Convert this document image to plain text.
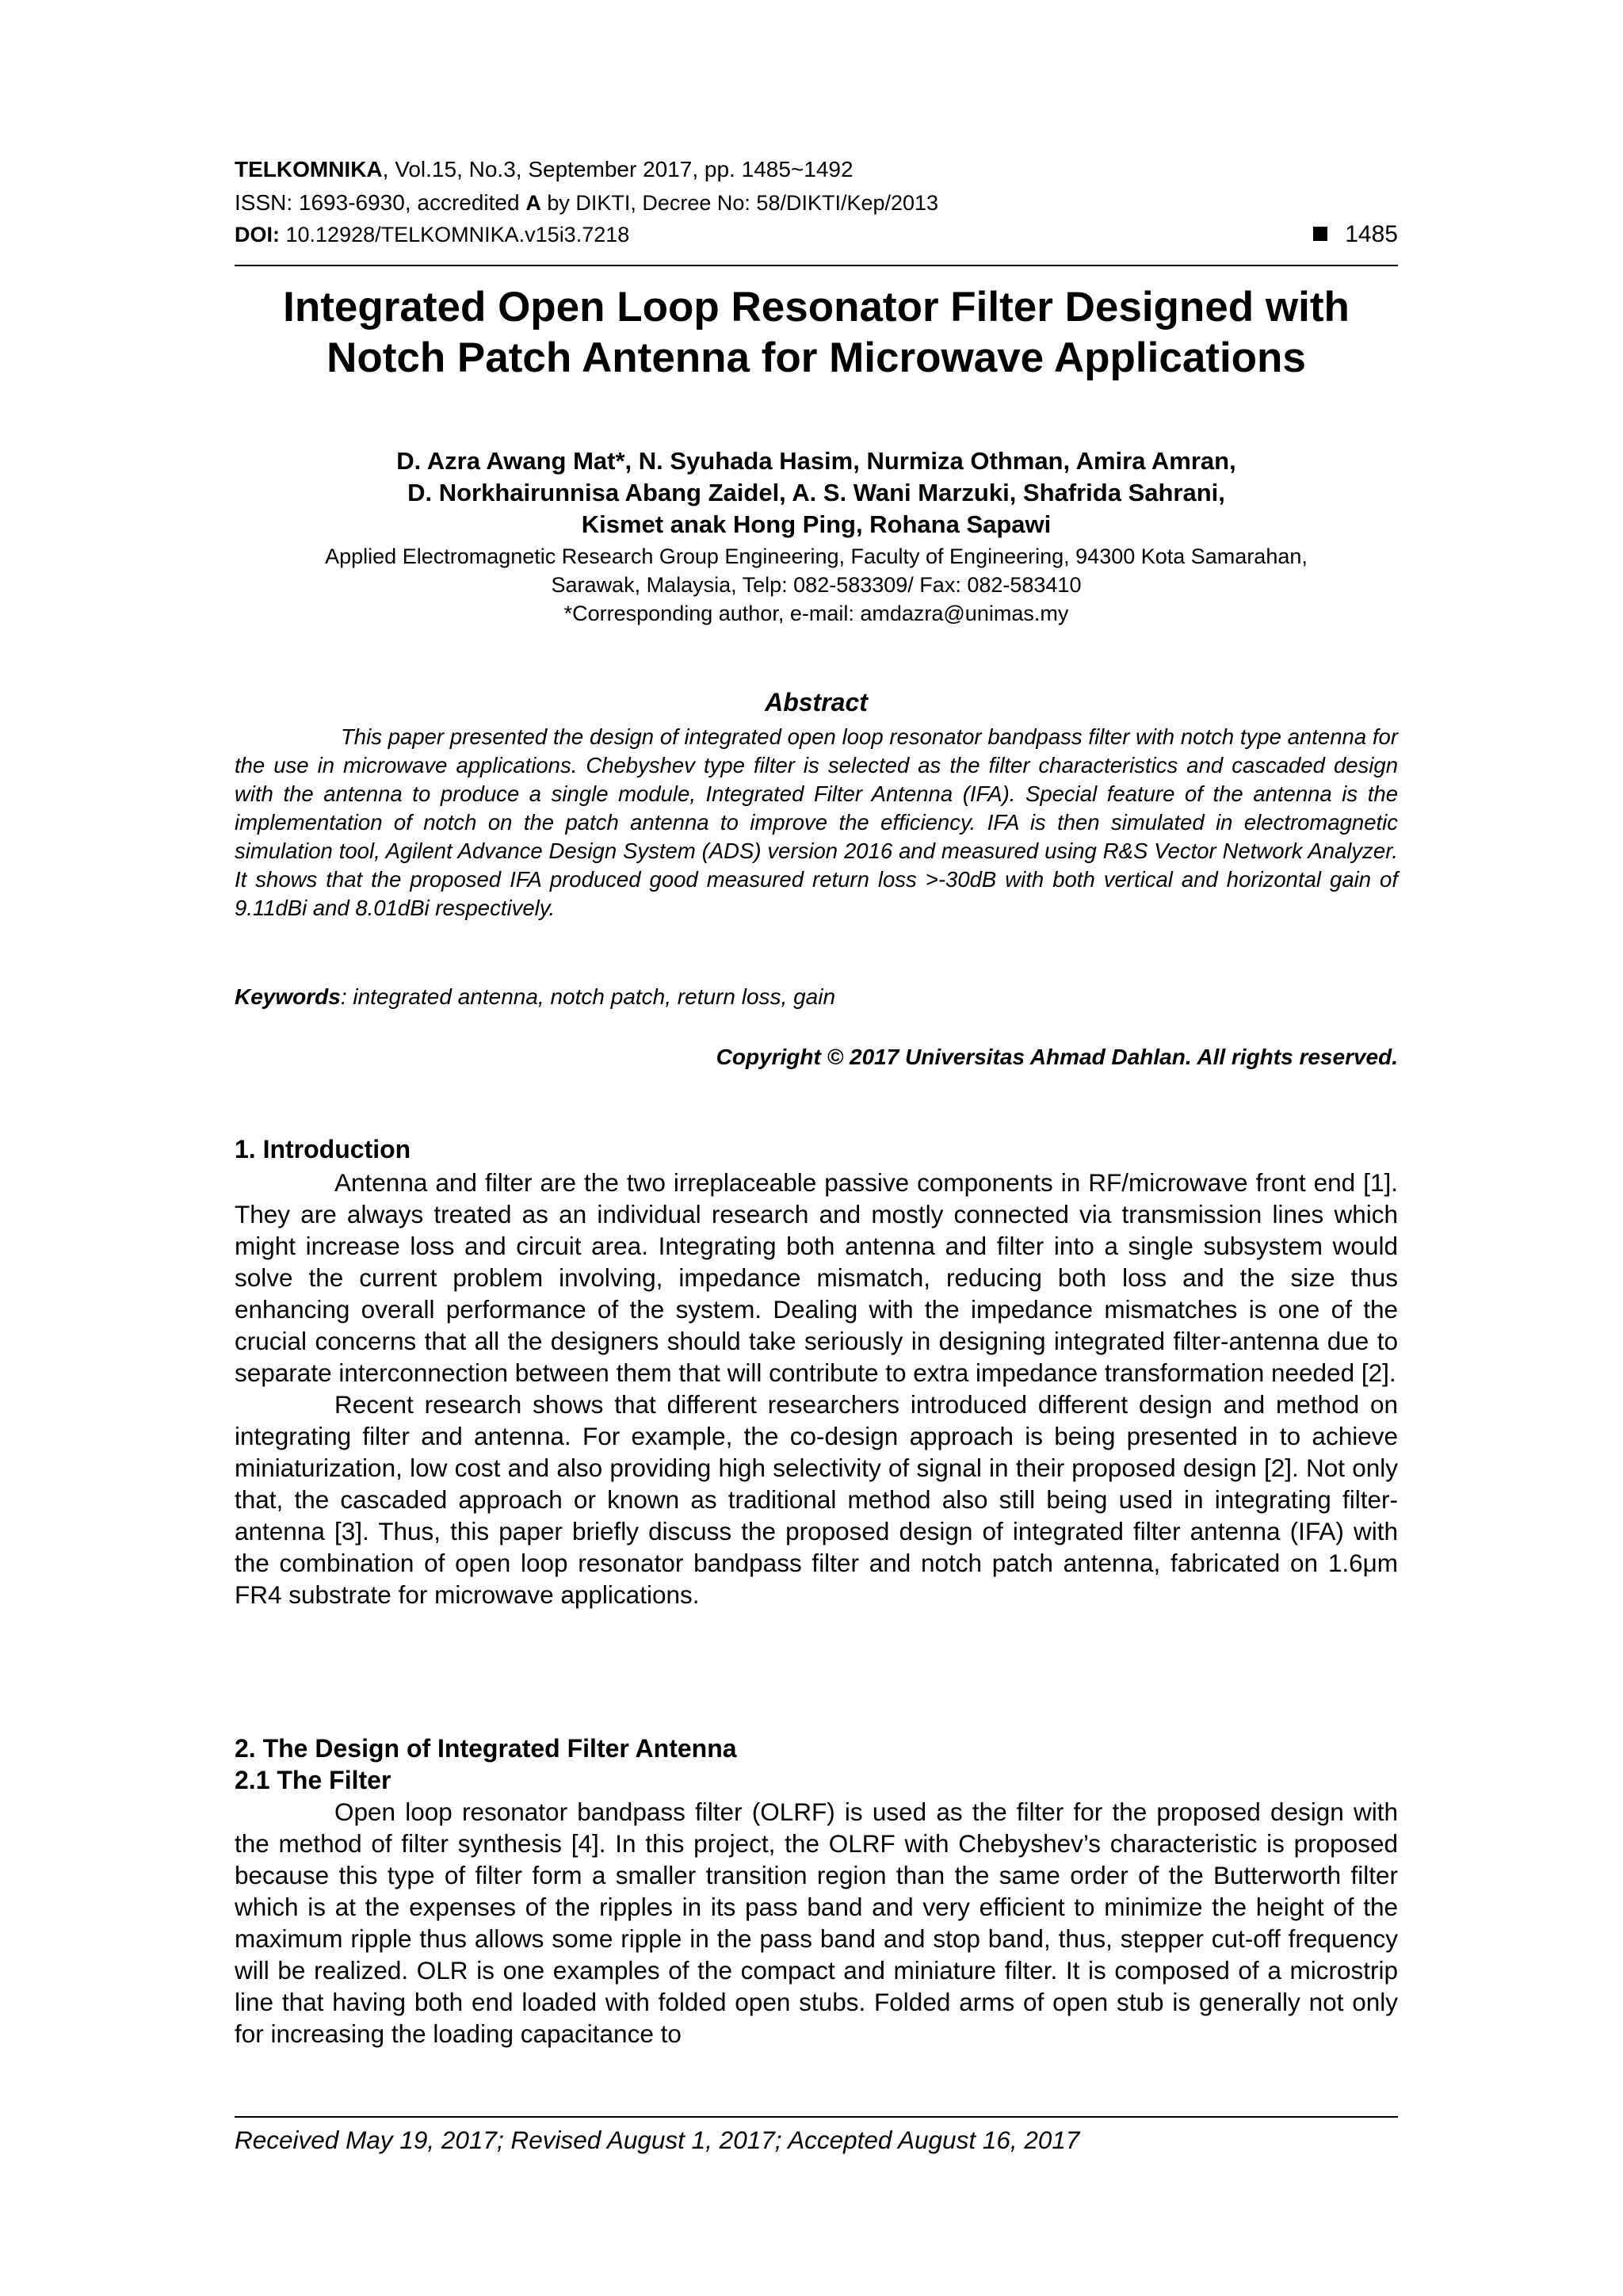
TELKOMNIKA, Vol.15, No.3, September 2017, pp. 1485~1492
ISSN: 1693-6930, accredited A by DIKTI, Decree No: 58/DIKTI/Kep/2013
DOI: 10.12928/TELKOMNIKA.v15i3.7218	1485
Integrated Open Loop Resonator Filter Designed with
Notch Patch Antenna for Microwave Applications
D. Azra Awang Mat*, N. Syuhada Hasim, Nurmiza Othman, Amira Amran,
D. Norkhairunnisa Abang Zaidel, A. S. Wani Marzuki, Shafrida Sahrani,
Kismet anak Hong Ping, Rohana Sapawi
Applied Electromagnetic Research Group Engineering, Faculty of Engineering, 94300 Kota Samarahan,
Sarawak, Malaysia, Telp: 082-583309/ Fax: 082-583410
*Corresponding author, e-mail: amdazra@unimas.my
Abstract
This paper presented the design of integrated open loop resonator bandpass filter with notch type antenna for the use in microwave applications. Chebyshev type filter is selected as the filter characteristics and cascaded design with the antenna to produce a single module, Integrated Filter Antenna (IFA). Special feature of the antenna is the implementation of notch on the patch antenna to improve the efficiency. IFA is then simulated in electromagnetic simulation tool, Agilent Advance Design System (ADS) version 2016 and measured using R&S Vector Network Analyzer. It shows that the proposed IFA produced good measured return loss >-30dB with both vertical and horizontal gain of 9.11dBi and 8.01dBi respectively.
Keywords: integrated antenna, notch patch, return loss, gain
Copyright © 2017 Universitas Ahmad Dahlan. All rights reserved.
1. Introduction

Antenna and filter are the two irreplaceable passive components in RF/microwave front end [1]. They are always treated as an individual research and mostly connected via transmission lines which might increase loss and circuit area. Integrating both antenna and filter into a single subsystem would solve the current problem involving, impedance mismatch, reducing both loss and the size thus enhancing overall performance of the system. Dealing with the impedance mismatches is one of the crucial concerns that all the designers should take seriously in designing integrated filter-antenna due to separate interconnection between them that will contribute to extra impedance transformation needed [2].

Recent research shows that different researchers introduced different design and method on integrating filter and antenna. For example, the co-design approach is being presented in to achieve miniaturization, low cost and also providing high selectivity of signal in their proposed design [2]. Not only that, the cascaded approach or known as traditional method also still being used in integrating filter-antenna [3]. Thus, this paper briefly discuss the proposed design of integrated filter antenna (IFA) with the combination of open loop resonator bandpass filter and notch patch antenna, fabricated on 1.6μm FR4 substrate for microwave applications.

2. The Design of Integrated Filter Antenna
2.1 The Filter

Open loop resonator bandpass filter (OLRF) is used as the filter for the proposed design with the method of filter synthesis [4]. In this project, the OLRF with Chebyshev’s characteristic is proposed because this type of filter form a smaller transition region than the same order of the Butterworth filter which is at the expenses of the ripples in its pass band and very efficient to minimize the height of the maximum ripple thus allows some ripple in the pass band and stop band, thus, stepper cut-off frequency will be realized. OLR is one examples of the compact and miniature filter. It is composed of a microstrip line that having both end loaded with folded open stubs. Folded arms of open stub is generally not only for increasing the loading capacitance to

Received May 19, 2017; Revised August 1, 2017; Accepted August 16, 2017
